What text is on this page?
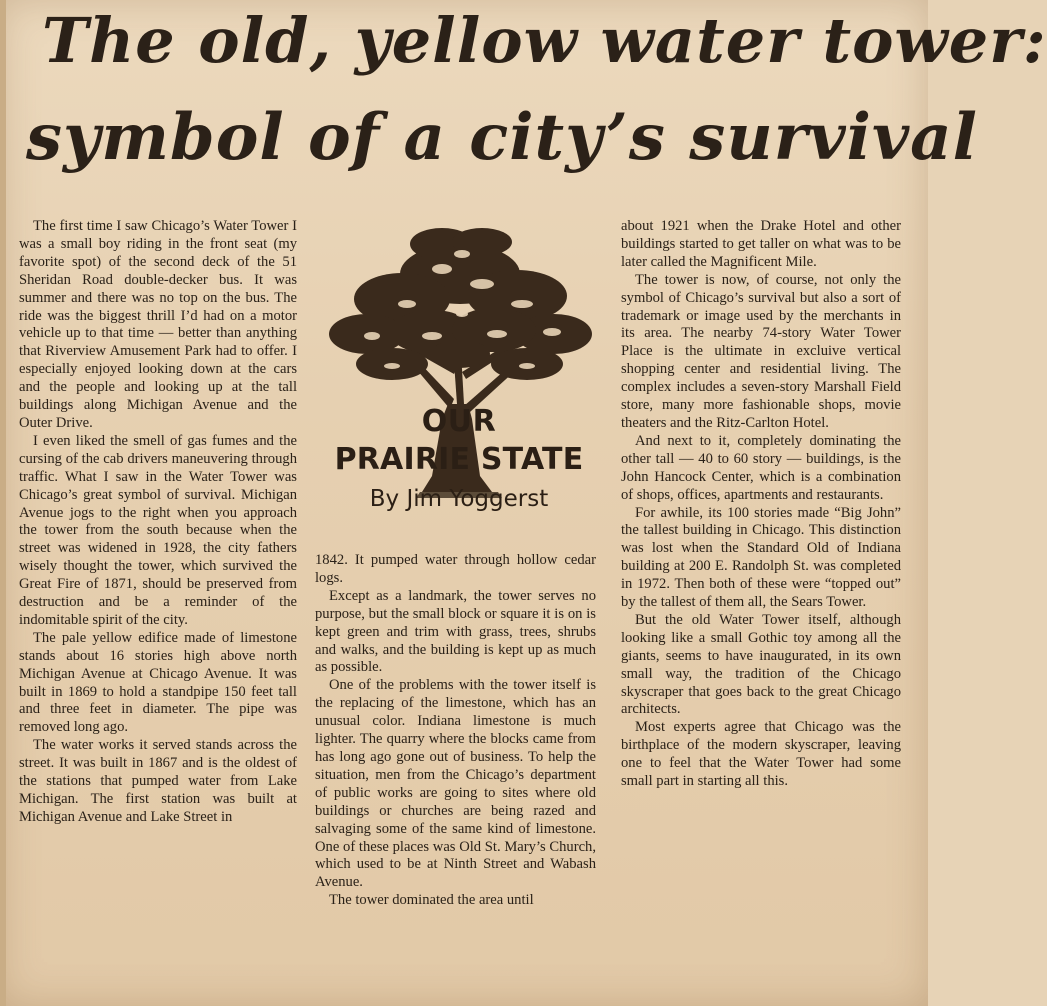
The old, yellow water tower:
symbol of a city’s survival

The first time I saw Chicago’s Water Tower I was a small boy riding in the front seat (my favorite spot) of the second deck of the 51 Sheridan Road double-decker bus. It was summer and there was no top on the bus. The ride was the biggest thrill I’d had on a motor vehicle up to that time — better than anything that Riverview Amusement Park had to offer. I especially enjoyed looking down at the cars and the people and looking up at the tall buildings along Michigan Avenue and the Outer Drive.

I even liked the smell of gas fumes and the cursing of the cab drivers maneuvering through traffic. What I saw in the Water Tower was Chicago’s great symbol of survival. Michigan Avenue jogs to the right when you approach the tower from the south because when the street was widened in 1928, the city fathers wisely thought the tower, which survived the Great Fire of 1871, should be preserved from destruction and be a reminder of the indomitable spirit of the city.

The pale yellow edifice made of limestone stands about 16 stories high above north Michigan Avenue at Chicago Avenue. It was built in 1869 to hold a standpipe 150 feet tall and three feet in diameter. The pipe was removed long ago.

The water works it served stands across the street. It was built in 1867 and is the oldest of the stations that pumped water from Lake Michigan. The first station was built at Michigan Avenue and Lake Street in

OUR
PRAIRIE STATE

By Jim Yoggerst

1842. It pumped water through hollow cedar logs.

Except as a landmark, the tower serves no purpose, but the small block or square it is on is kept green and trim with grass, trees, shrubs and walks, and the building is kept up as much as possible.

One of the problems with the tower itself is the replacing of the limestone, which has an unusual color. Indiana limestone is much lighter. The quarry where the blocks came from has long ago gone out of business. To help the situation, men from the Chicago’s department of public works are going to sites where old buildings or churches are being razed and salvaging some of the same kind of limestone. One of these places was Old St. Mary’s Church, which used to be at Ninth Street and Wabash Avenue.

The tower dominated the area until

about 1921 when the Drake Hotel and other buildings started to get taller on what was to be later called the Magnificent Mile.

The tower is now, of course, not only the symbol of Chicago’s survival but also a sort of trademark or image used by the merchants in its area. The nearby 74-story Water Tower Place is the ultimate in excluive vertical shopping center and residential living. The complex includes a seven-story Marshall Field store, many more fashionable shops, movie theaters and the Ritz-Carlton Hotel.

And next to it, completely dominating the other tall — 40 to 60 story — buildings, is the John Hancock Center, which is a combination of shops, offices, apartments and restaurants.

For awhile, its 100 stories made “Big John” the tallest building in Chicago. This distinction was lost when the Standard Old of Indiana building at 200 E. Randolph St. was completed in 1972. Then both of these were “topped out” by the tallest of them all, the Sears Tower.

But the old Water Tower itself, although looking like a small Gothic toy among all the giants, seems to have inaugurated, in its own small way, the tradition of the Chicago skyscraper that goes back to the great Chicago architects.

Most experts agree that Chicago was the birthplace of the modern skyscraper, leaving one to feel that the Water Tower had some small part in starting all this.
